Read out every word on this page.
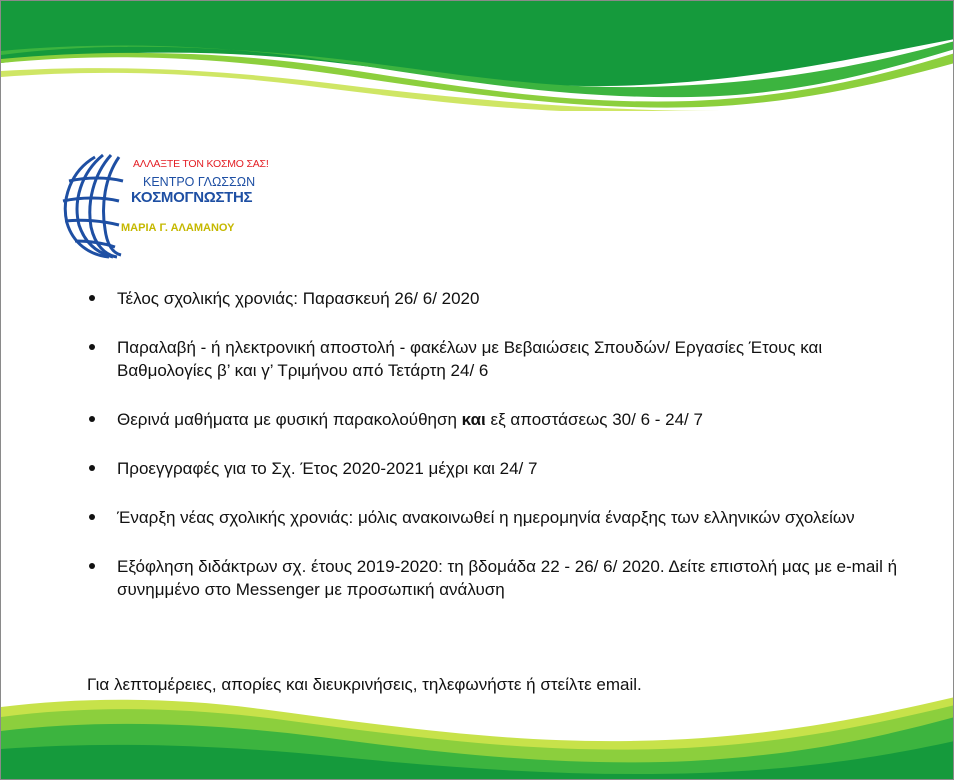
ΑΛΛΑΞΤΕ ΤΟΝ ΚΟΣΜΟ ΣΑΣ!
ΚΕΝΤΡΟ ΓΛΩΣΣΩΝ
ΚΟΣΜΟΓΝΩΣΤΗΣ
ΜΑΡΙΑ Γ. ΑΛΑΜΑΝΟΥ
Τέλος σχολικής χρονιάς: Παρασκευή 26/ 6/ 2020
Παραλαβή - ή ηλεκτρονική αποστολή - φακέλων με Βεβαιώσεις Σπουδών/ Εργασίες Έτους και Βαθμολογίες β’ και γ’ Τριμήνου από Τετάρτη 24/ 6
Θερινά μαθήματα με φυσική παρακολούθηση και εξ αποστάσεως 30/ 6 - 24/ 7
Προεγγραφές για το Σχ. Έτος 2020-2021 μέχρι και 24/ 7
Έναρξη νέας σχολικής χρονιάς: μόλις ανακοινωθεί η ημερομηνία έναρξης των ελληνικών σχολείων
Εξόφληση διδάκτρων σχ. έτους 2019-2020: τη βδομάδα 22 - 26/ 6/ 2020. Δείτε επιστολή μας με e-mail ή συνημμένο στο Messenger με προσωπική ανάλυση
Για λεπτομέρειες, απορίες και διευκρινήσεις, τηλεφωνήστε ή στείλτε email.
